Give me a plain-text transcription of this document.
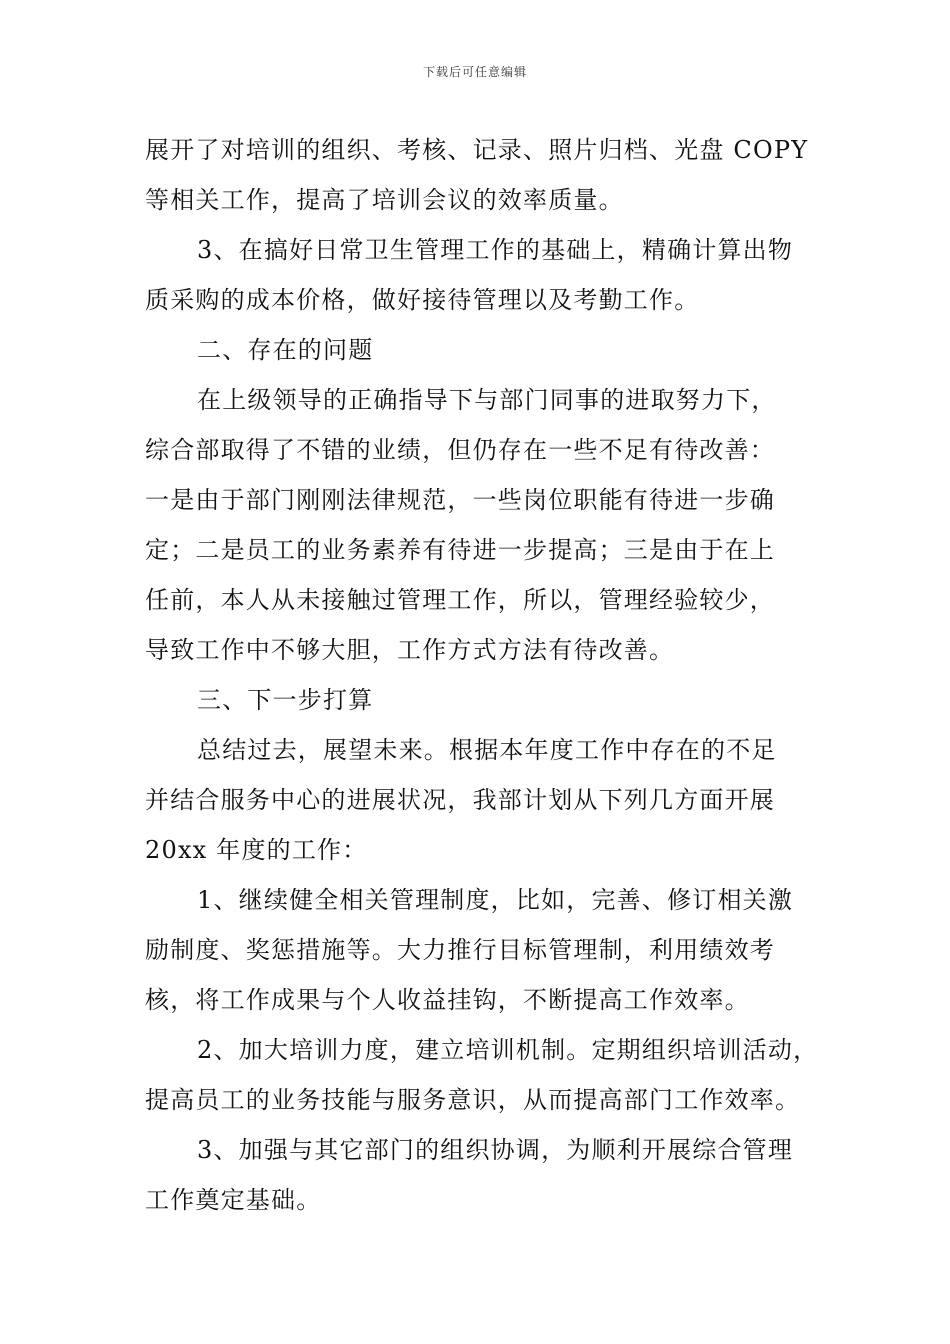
下载后可任意编辑

展开了对培训的组织、考核、记录、照片归档、光盘 COPY
等相关工作，提高了培训会议的效率质量。

3、在搞好日常卫生管理工作的基础上，精确计算出物
质采购的成本价格，做好接待管理以及考勤工作。

二、存在的问题

在上级领导的正确指导下与部门同事的进取努力下，
综合部取得了不错的业绩，但仍存在一些不足有待改善：
一是由于部门刚刚法律规范，一些岗位职能有待进一步确
定；二是员工的业务素养有待进一步提高；三是由于在上
任前，本人从未接触过管理工作，所以，管理经验较少，
导致工作中不够大胆，工作方式方法有待改善。

三、下一步打算

总结过去，展望未来。根据本年度工作中存在的不足
并结合服务中心的进展状况，我部计划从下列几方面开展
20xx 年度的工作：

1、继续健全相关管理制度，比如，完善、修订相关激
励制度、奖惩措施等。大力推行目标管理制，利用绩效考
核，将工作成果与个人收益挂钩，不断提高工作效率。

2、加大培训力度，建立培训机制。定期组织培训活动，
提高员工的业务技能与服务意识，从而提高部门工作效率。

3、加强与其它部门的组织协调，为顺利开展综合管理
工作奠定基础。
